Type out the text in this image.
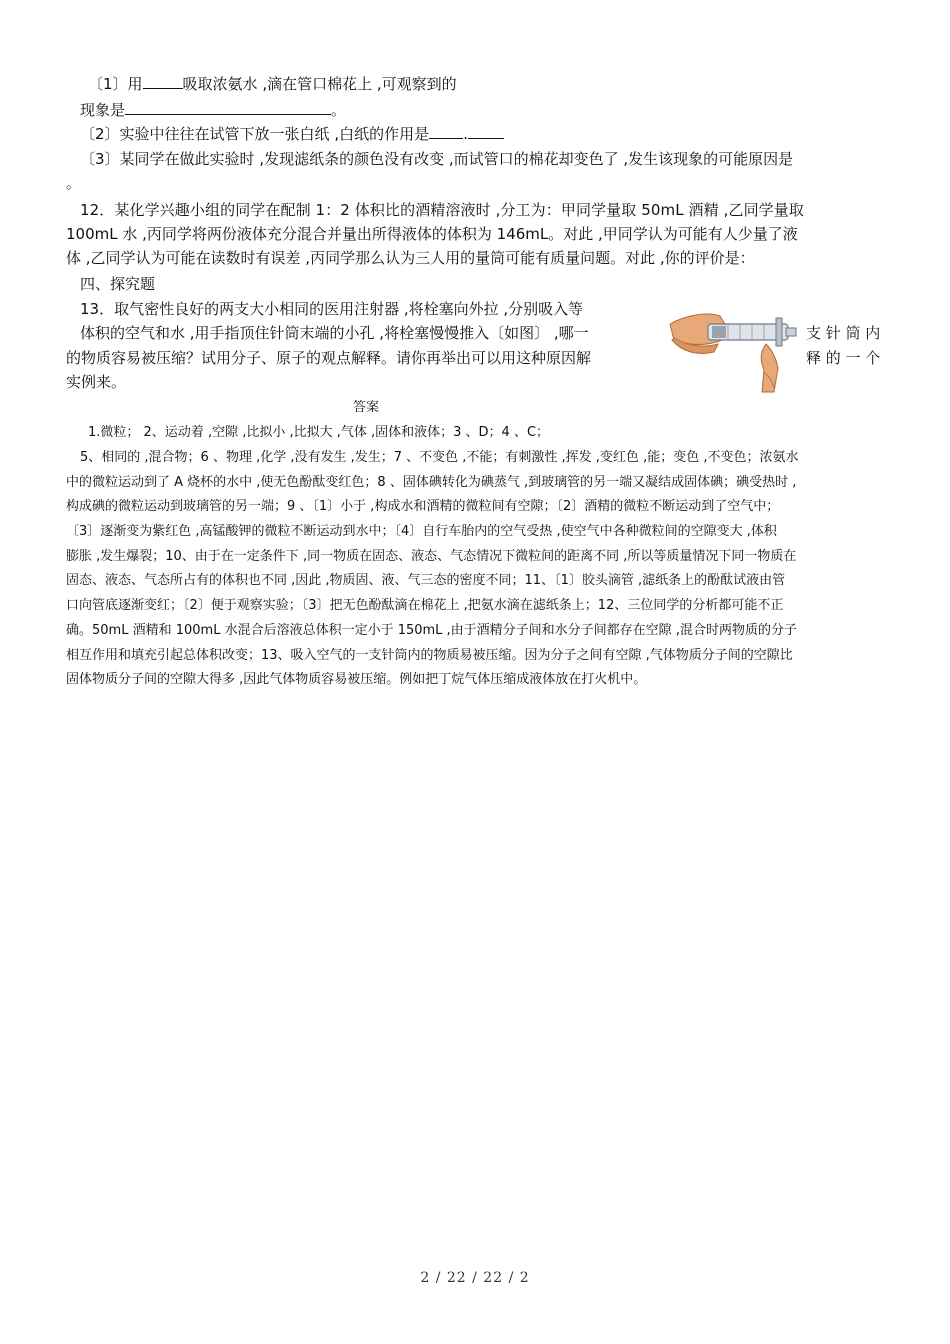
〔1〕用	吸取浓氨水 ,滴在管口棉花上 ,可观察到的
现象是	。
〔2〕实验中往往在试管下放一张白纸 ,白纸的作用是 .
〔3〕某同学在做此实验时 ,发现滤纸条的颜色没有改变 ,而试管口的棉花却变色了 ,发生该现象的可能原因是
。
12．某化学兴趣小组的同学在配制 1：2 体积比的酒精溶液时 ,分工为：甲同学量取 50mL 酒精 ,乙同学量取
100mL 水 ,丙同学将两份液体充分混合并量出所得液体的体积为 146mL。对此 ,甲同学认为可能有人少量了液
体 ,乙同学认为可能在读数时有误差 ,丙同学那么认为三人用的量筒可能有质量问题。对此 ,你的评价是：
四、探究题
13．取气密性良好的两支大小相同的医用注射器 ,将栓塞向外拉 ,分别吸入等
体积的空气和水 ,用手指顶住针筒末端的小孔 ,将栓塞慢慢推入〔如图〕 ,哪一	支 针 筒 内
的物质容易被压缩？试用分子、原子的观点解释。请你再举出可以用这种原因解	释 的 一 个
实例来。
答案
1.微粒； 2、运动着 ,空隙 ,比拟小 ,比拟大 ,气体 ,固体和液体；3 、D；4 、C；
5、相同的 ,混合物；6 、物理 ,化学 ,没有发生 ,发生；7 、不变色 ,不能；有刺激性 ,挥发 ,变红色 ,能；变色 ,不变色；浓氨水
中的微粒运动到了 A 烧杯的水中 ,使无色酚酞变红色；8 、固体碘转化为碘蒸气 ,到玻璃管的另一端又凝结成固体碘；碘受热时 ,
构成碘的微粒运动到玻璃管的另一端；9 、〔1〕小于 ,构成水和酒精的微粒间有空隙；〔2〕酒精的微粒不断运动到了空气中；
〔3〕逐渐变为紫红色 ,高锰酸钾的微粒不断运动到水中；〔4〕自行车胎内的空气受热 ,使空气中各种微粒间的空隙变大 ,体积
膨胀 ,发生爆裂；10、由于在一定条件下 ,同一物质在固态、液态、气态情况下微粒间的距离不同 ,所以等质量情况下同一物质在
固态、液态、气态所占有的体积也不同 ,因此 ,物质固、液、气三态的密度不同；11、〔1〕胶头滴管 ,滤纸条上的酚酞试液由管
口向管底逐渐变红；〔2〕便于观察实验；〔3〕把无色酚酞滴在棉花上 ,把氨水滴在滤纸条上；12、三位同学的分析都可能不正
确。50mL 酒精和 100mL 水混合后溶液总体积一定小于 150mL ,由于酒精分子间和水分子间都存在空隙 ,混合时两物质的分子
相互作用和填充引起总体积改变；13、吸入空气的一支针筒内的物质易被压缩。因为分子之间有空隙 ,气体物质分子间的空隙比
固体物质分子间的空隙大得多 ,因此气体物质容易被压缩。例如把丁烷气体压缩成液体放在打火机中。
2 / 22 / 22 / 2
